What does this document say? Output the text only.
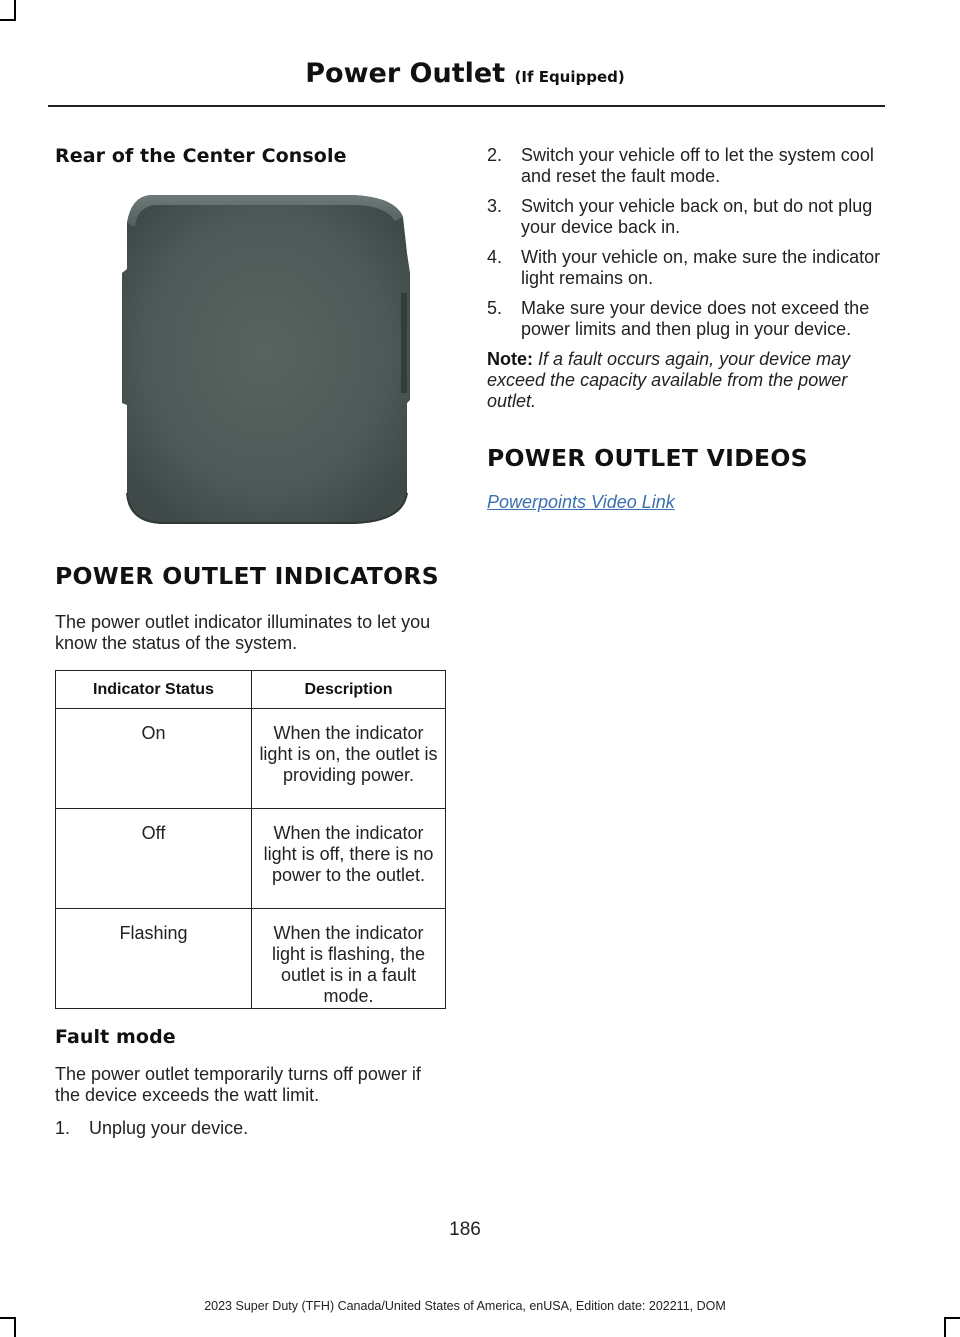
Power Outlet (If Equipped)
Rear of the Center Console
POWER OUTLET INDICATORS
The power outlet indicator illuminates to let you know the status of the system.
Indicator Status	Description
On	When the indicator light is on, the outlet is providing power.
Off	When the indicator light is off, there is no power to the outlet.
Flashing	When the indicator light is flashing, the outlet is in a fault mode.
Fault mode
The power outlet temporarily turns off power if the device exceeds the watt limit.
1. Unplug your device.
2. Switch your vehicle off to let the system cool and reset the fault mode.
3. Switch your vehicle back on, but do not plug your device back in.
4. With your vehicle on, make sure the indicator light remains on.
5. Make sure your device does not exceed the power limits and then plug in your device.
Note: If a fault occurs again, your device may exceed the capacity available from the power outlet.
POWER OUTLET VIDEOS
Powerpoints Video Link
186
2023 Super Duty (TFH) Canada/United States of America, enUSA, Edition date: 202211, DOM
